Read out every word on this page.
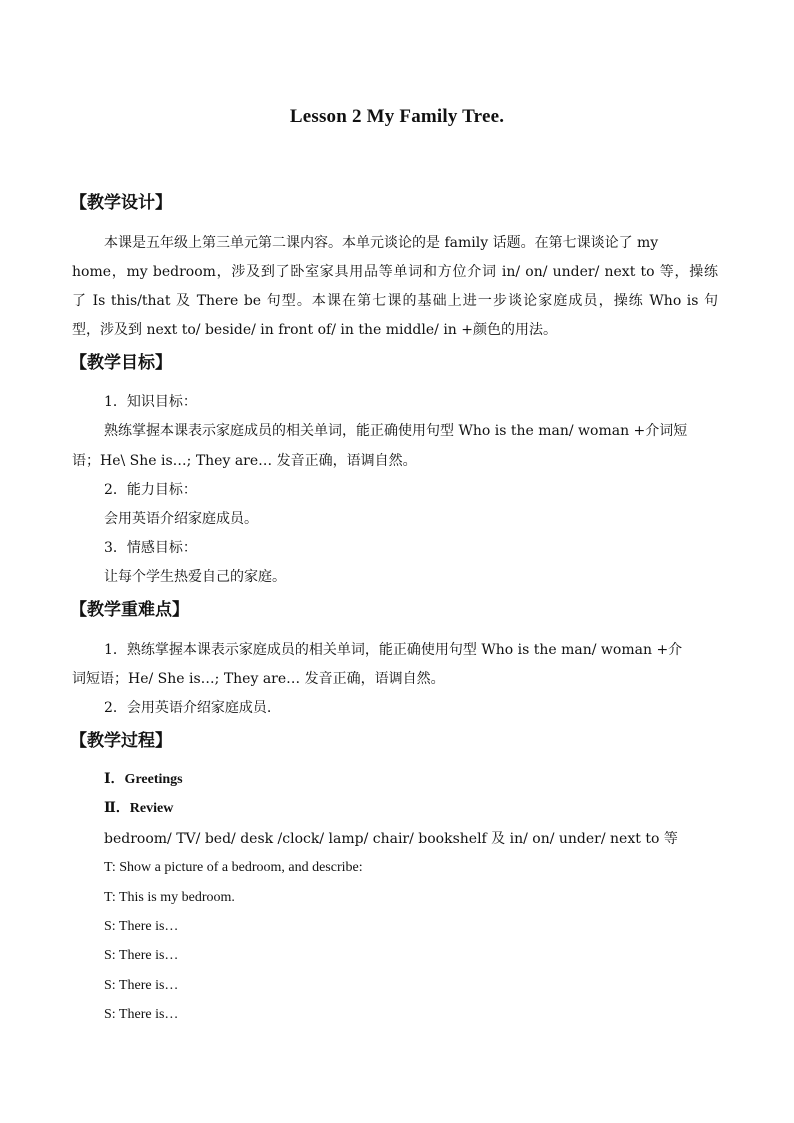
Lesson 2 My Family Tree.
【教学设计】
本课是五年级上第三单元第二课内容。本单元谈论的是 family 话题。在第七课谈论了 my
home，my bedroom，涉及到了卧室家具用品等单词和方位介词 in/ on/ under/ next to 等，操练
了 Is this/that 及 There be 句型。本课在第七课的基础上进一步谈论家庭成员，操练 Who is 句
型，涉及到 next to/ beside/ in front of/ in the middle/ in +颜色的用法。
【教学目标】
1．知识目标：
熟练掌握本课表示家庭成员的相关单词，能正确使用句型 Who is the man/ woman +介词短
语；He\ She is…; They are… 发音正确，语调自然。
2．能力目标：
会用英语介绍家庭成员。
3．情感目标：
让每个学生热爱自己的家庭。
【教学重难点】
1．熟练掌握本课表示家庭成员的相关单词，能正确使用句型 Who is the man/ woman +介
词短语；He/ She is…; They are… 发音正确，语调自然。
2．会用英语介绍家庭成员.
【教学过程】
Ⅰ．Greetings
Ⅱ．Review
bedroom/ TV/ bed/ desk /clock/ lamp/ chair/ bookshelf 及 in/ on/ under/ next to 等
T: Show a picture of a bedroom, and describe:
T: This is my bedroom.
S: There is…
S: There is…
S: There is…
S: There is…
